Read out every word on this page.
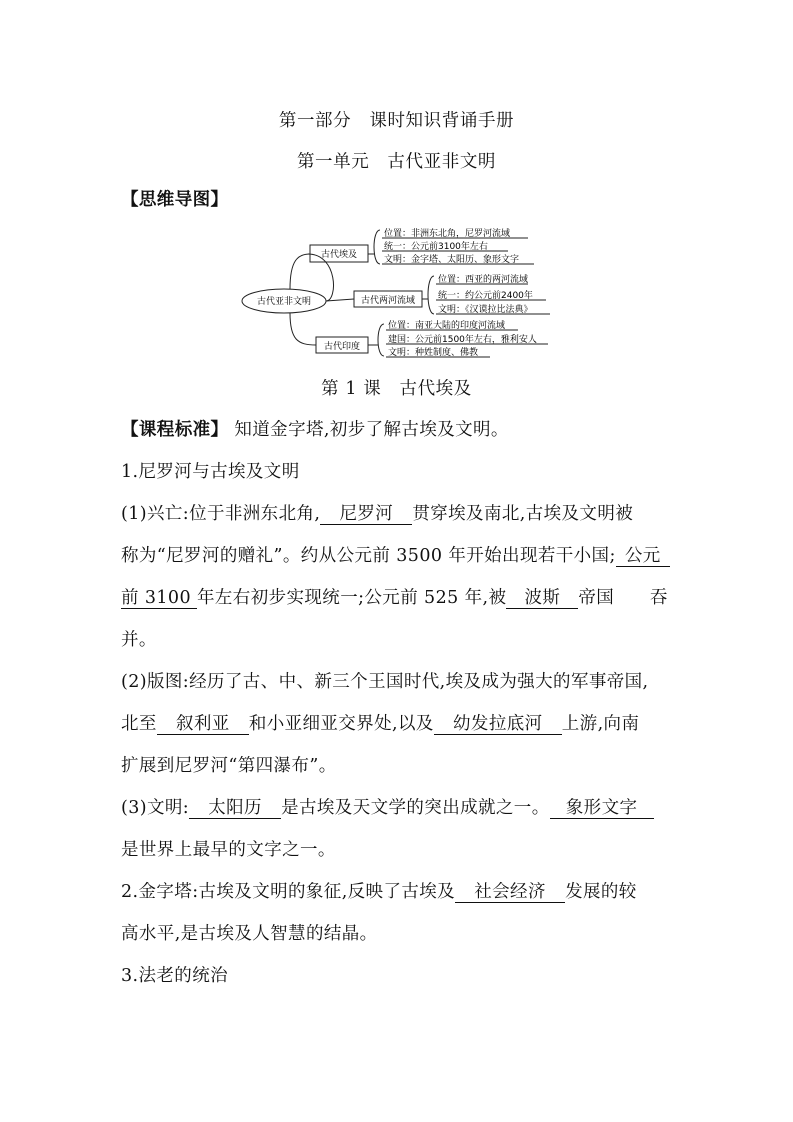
第一部分　课时知识背诵手册
第一单元　古代亚非文明
【思维导图】
古代亚非文明
古代埃及
古代两河流域
古代印度
位置：非洲东北角，尼罗河流域
统一：公元前3100年左右
文明：金字塔、太阳历、象形文字
位置：西亚的两河流域
统一：约公元前2400年
文明：《汉谟拉比法典》
位置：南亚大陆的印度河流域
建国：公元前1500年左右，雅利安人
文明：种姓制度、佛教
第 1 课　古代埃及
【课程标准】 知道金字塔,初步了解古埃及文明。
1.尼罗河与古埃及文明
(1)兴亡:位于非洲东北角, 尼罗河 贯穿埃及南北,古埃及文明被
称为“尼罗河的赠礼”。约从公元前 3500 年开始出现若干小国; 公元
前 3100 年左右初步实现统一;公元前 525 年,被 波斯 帝国　　吞
并。
(2)版图:经历了古、中、新三个王国时代,埃及成为强大的军事帝国,
北至 叙利亚 和小亚细亚交界处,以及 幼发拉底河 上游,向南
扩展到尼罗河“第四瀑布”。
(3)文明: 太阳历 是古埃及天文学的突出成就之一。 象形文字
是世界上最早的文字之一。
2.金字塔:古埃及文明的象征,反映了古埃及 社会经济 发展的较
高水平,是古埃及人智慧的结晶。
3.法老的统治
